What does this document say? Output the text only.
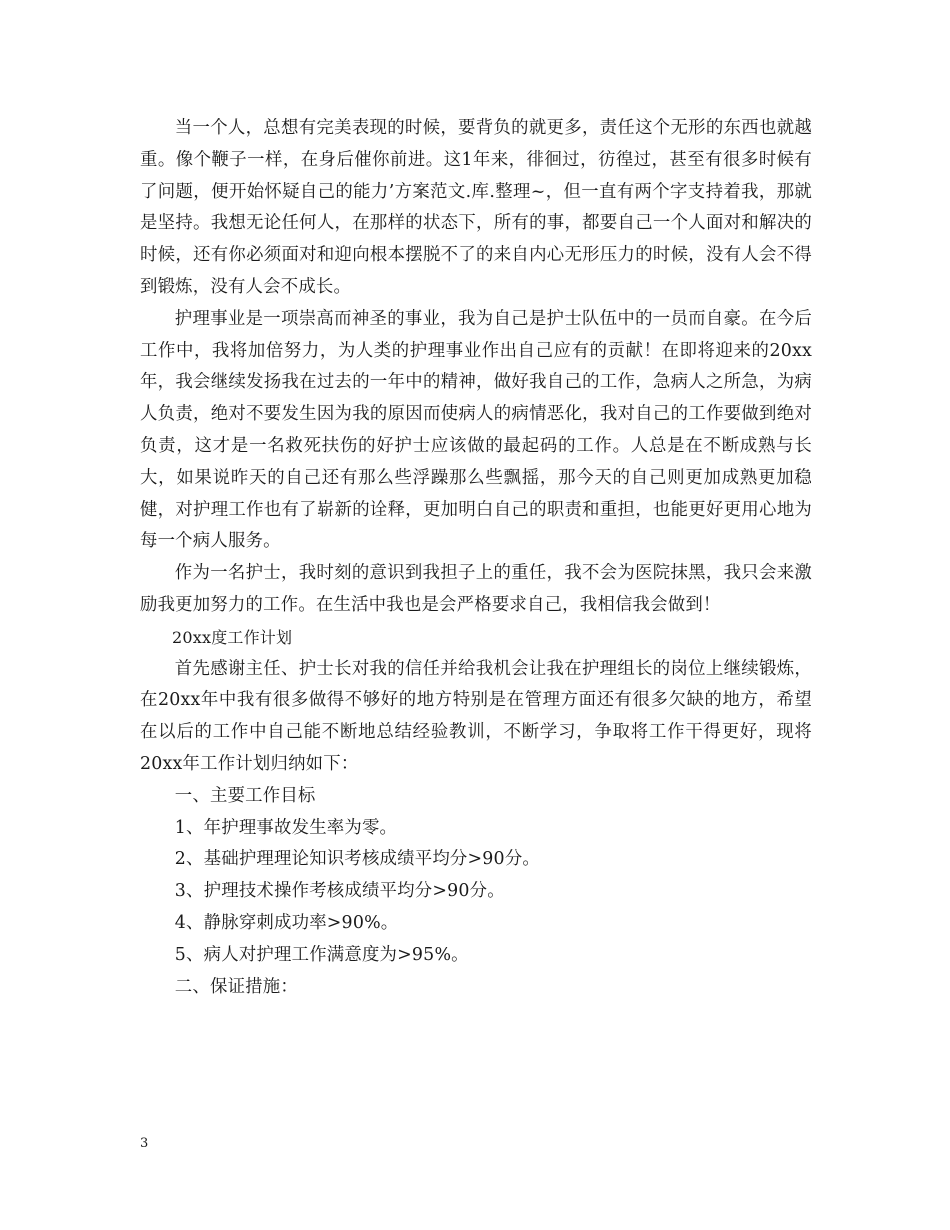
当一个人，总想有完美表现的时候，要背负的就更多，责任这个无形的东西也就越重。像个鞭子一样，在身后催你前进。这1年来，徘徊过，彷徨过，甚至有很多时候有了问题，便开始怀疑自己的能力’方案范文.库.整理~，但一直有两个字支持着我，那就是坚持。我想无论任何人，在那样的状态下，所有的事，都要自己一个人面对和解决的时候，还有你必须面对和迎向根本摆脱不了的来自内心无形压力的时候，没有人会不得到锻炼，没有人会不成长。

护理事业是一项崇高而神圣的事业，我为自己是护士队伍中的一员而自豪。在今后工作中，我将加倍努力，为人类的护理事业作出自己应有的贡献！在即将迎来的20xx年，我会继续发扬我在过去的一年中的精神，做好我自己的工作，急病人之所急，为病人负责，绝对不要发生因为我的原因而使病人的病情恶化，我对自己的工作要做到绝对负责，这才是一名救死扶伤的好护士应该做的最起码的工作。人总是在不断成熟与长大，如果说昨天的自己还有那么些浮躁那么些飘摇，那今天的自己则更加成熟更加稳健，对护理工作也有了崭新的诠释，更加明白自己的职责和重担，也能更好更用心地为每一个病人服务。

作为一名护士，我时刻的意识到我担子上的重任，我不会为医院抹黑，我只会来激励我更加努力的工作。在生活中我也是会严格要求自己，我相信我会做到！

20xx度工作计划

首先感谢主任、护士长对我的信任并给我机会让我在护理组长的岗位上继续锻炼，在20xx年中我有很多做得不够好的地方特别是在管理方面还有很多欠缺的地方，希望在以后的工作中自己能不断地总结经验教训，不断学习，争取将工作干得更好，现将20xx年工作计划归纳如下：

一、主要工作目标

1、年护理事故发生率为零。

2、基础护理理论知识考核成绩平均分>90分。

3、护理技术操作考核成绩平均分>90分。

4、静脉穿刺成功率>90%。

5、病人对护理工作满意度为>95%。

二、保证措施：

3
